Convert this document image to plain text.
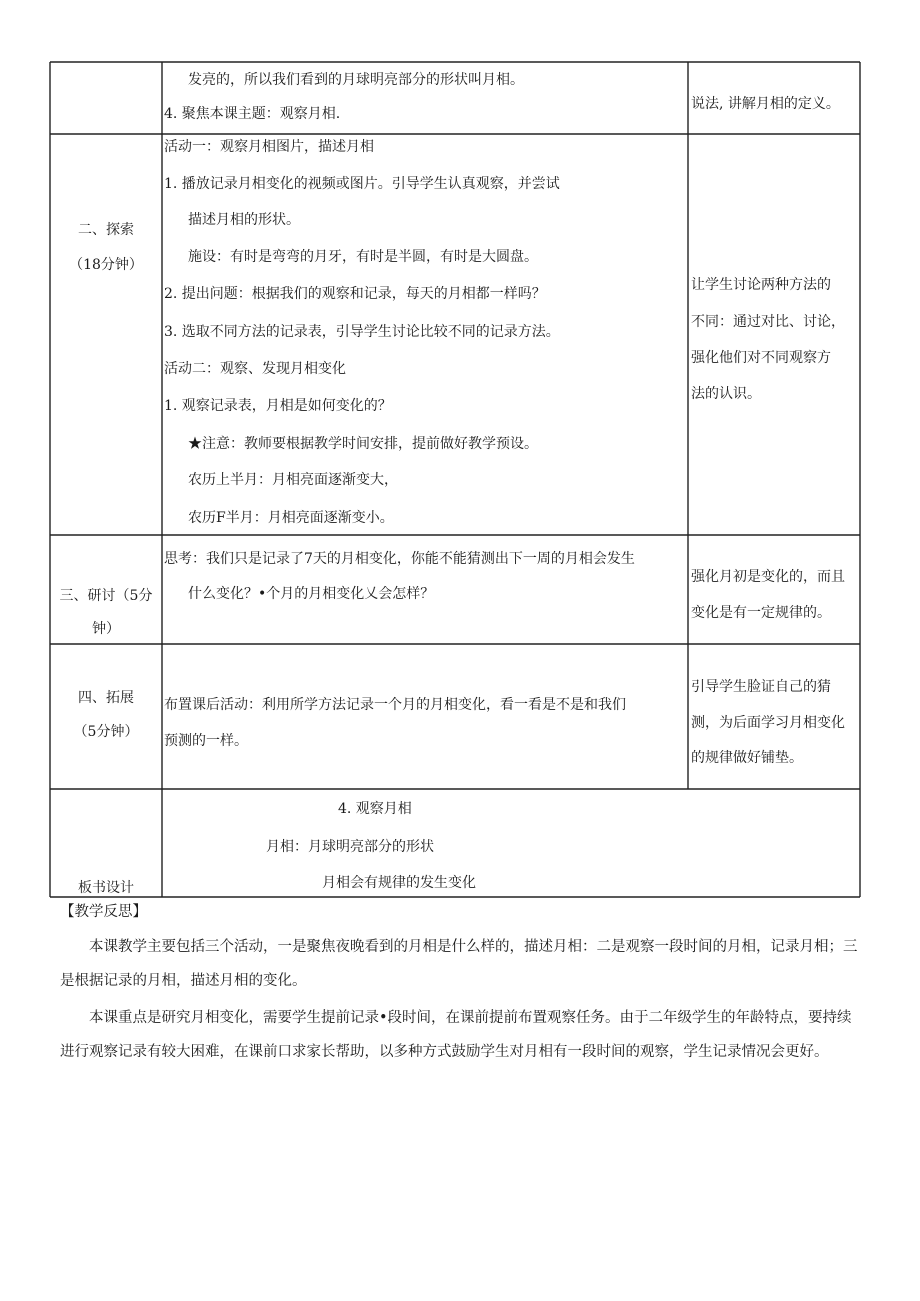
发亮的，所以我们看到的月球明亮部分的形状叫月相。
4. 聚焦本课主题：观察月相.
说法, 讲解月相的定义。
二、探索
（18分钟）
活动一：观察月相图片，描述月相
1. 播放记录月相变化的视频或图片。引导学生认真观察，并尝试
描述月相的形状。
施设：有时是弯弯的月牙，有时是半圆，有时是大圆盘。
2. 提出问题：根据我们的观察和记录，每天的月相都一样吗？
3. 选取不同方法的记录表，引导学生讨论比较不同的记录方法。
活动二：观察、发现月相变化
1. 观察记录表，月相是如何变化的？
★注意：教师要根据教学时间安排，提前做好教学预设。
农历上半月：月相亮面逐渐变大，
农历F半月：月相亮面逐渐变小。
让学生讨论两种方法的
不同：通过对比、讨论，
强化他们对不同观察方
法的认识。
三、研讨（5分
钟）
思考：我们只是记录了7天的月相变化，你能不能猜测出下一周的月相会发生
什么变化？•个月的月相变化乂会怎样？
强化月初是变化的，而且
变化是有一定规律的。
四、拓展
（5分钟）
布置课后活动：利用所学方法记录一个月的月相变化，看一看是不是和我们
预测的一样。
引导学生脸证自己的猜
测，为后面学习月相变化
的规律做好铺垫。
板书设计
4. 观察月相
月相：月球明亮部分的形状
月相会有规律的发生变化
【教学反思】
本课教学主要包括三个活动，一是聚焦夜晚看到的月相是什么样的，描述月相：二是观察一段时间的月相，记录月相；三是根据记录的月相，描述月相的变化。
本课重点是研究月相变化，需要学生提前记录•段时间，在课前提前布置观察任务。由于二年级学生的年龄特点，要持续进行观察记录有较大困难，在课前口求家长帮助，以多种方式鼓励学生对月相有一段时间的观察，学生记录情况会更好。
